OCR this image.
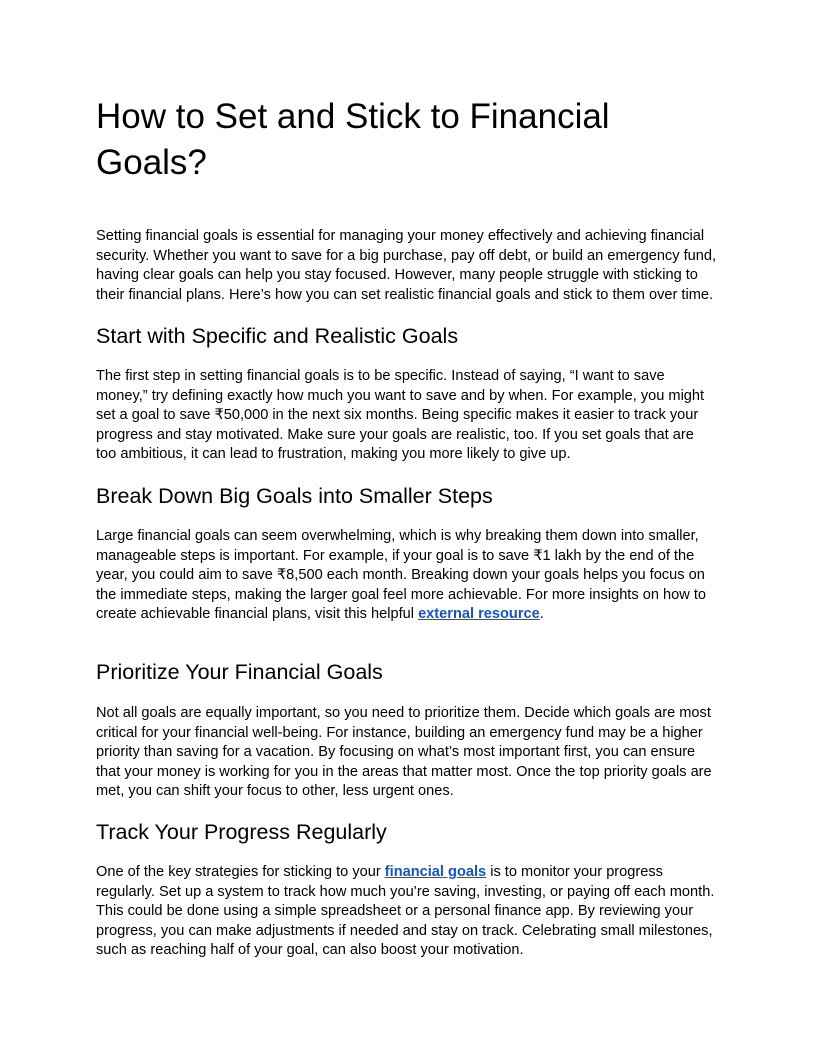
How to Set and Stick to Financial Goals?

Setting financial goals is essential for managing your money effectively and achieving financial
security. Whether you want to save for a big purchase, pay off debt, or build an emergency fund,
having clear goals can help you stay focused. However, many people struggle with sticking to
their financial plans. Here’s how you can set realistic financial goals and stick to them over time.

Start with Specific and Realistic Goals

The first step in setting financial goals is to be specific. Instead of saying, “I want to save
money,” try defining exactly how much you want to save and by when. For example, you might
set a goal to save ₹50,000 in the next six months. Being specific makes it easier to track your
progress and stay motivated. Make sure your goals are realistic, too. If you set goals that are
too ambitious, it can lead to frustration, making you more likely to give up.

Break Down Big Goals into Smaller Steps

Large financial goals can seem overwhelming, which is why breaking them down into smaller,
manageable steps is important. For example, if your goal is to save ₹1 lakh by the end of the
year, you could aim to save ₹8,500 each month. Breaking down your goals helps you focus on
the immediate steps, making the larger goal feel more achievable. For more insights on how to
create achievable financial plans, visit this helpful external resource.

Prioritize Your Financial Goals

Not all goals are equally important, so you need to prioritize them. Decide which goals are most
critical for your financial well-being. For instance, building an emergency fund may be a higher
priority than saving for a vacation. By focusing on what’s most important first, you can ensure
that your money is working for you in the areas that matter most. Once the top priority goals are
met, you can shift your focus to other, less urgent ones.

Track Your Progress Regularly

One of the key strategies for sticking to your financial goals is to monitor your progress
regularly. Set up a system to track how much you’re saving, investing, or paying off each month.
This could be done using a simple spreadsheet or a personal finance app. By reviewing your
progress, you can make adjustments if needed and stay on track. Celebrating small milestones,
such as reaching half of your goal, can also boost your motivation.
